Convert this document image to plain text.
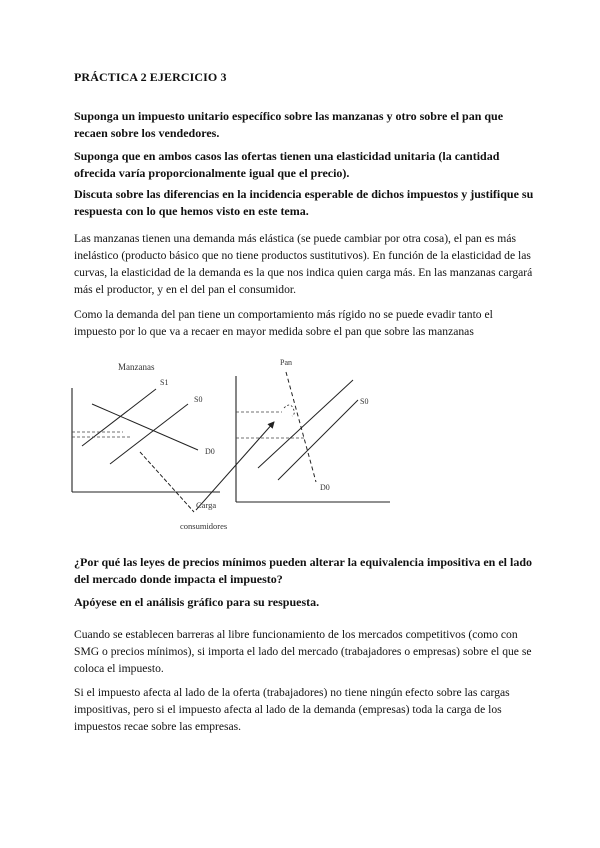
PRÁCTICA 2 EJERCICIO 3

Suponga un impuesto unitario específico sobre las manzanas y otro sobre el pan que recaen sobre los vendedores.

Suponga que en ambos casos las ofertas tienen una elasticidad unitaria (la cantidad ofrecida varía proporcionalmente igual que el precio).

Discuta sobre las diferencias en la incidencia esperable de dichos impuestos y justifique su respuesta con lo que hemos visto en este tema.

Las manzanas tienen una demanda más elástica (se puede cambiar por otra cosa), el pan es más inelástico (producto básico que no tiene productos sustitutivos). En función de la elasticidad de las curvas, la elasticidad de la demanda es la que nos indica quien carga más. En las manzanas cargará más el productor, y en el del pan el consumidor.

Como la demanda del pan tiene un comportamiento más rígido no se puede evadir tanto el impuesto por lo que va a recaer en mayor medida sobre el pan que sobre las manzanas

Manzanas
S1
S0
D0
Pan
S0
D0
Carga
consumidores

¿Por qué las leyes de precios mínimos pueden alterar la equivalencia impositiva en el lado del mercado donde impacta el impuesto?

Apóyese en el análisis gráfico para su respuesta.

Cuando se establecen barreras al libre funcionamiento de los mercados competitivos (como con SMG o precios mínimos), si importa el lado del mercado (trabajadores o empresas) sobre el que se coloca el impuesto.

Si el impuesto afecta al lado de la oferta (trabajadores) no tiene ningún efecto sobre las cargas impositivas, pero si el impuesto afecta al lado de la demanda (empresas) toda la carga de los impuestos recae sobre las empresas.
